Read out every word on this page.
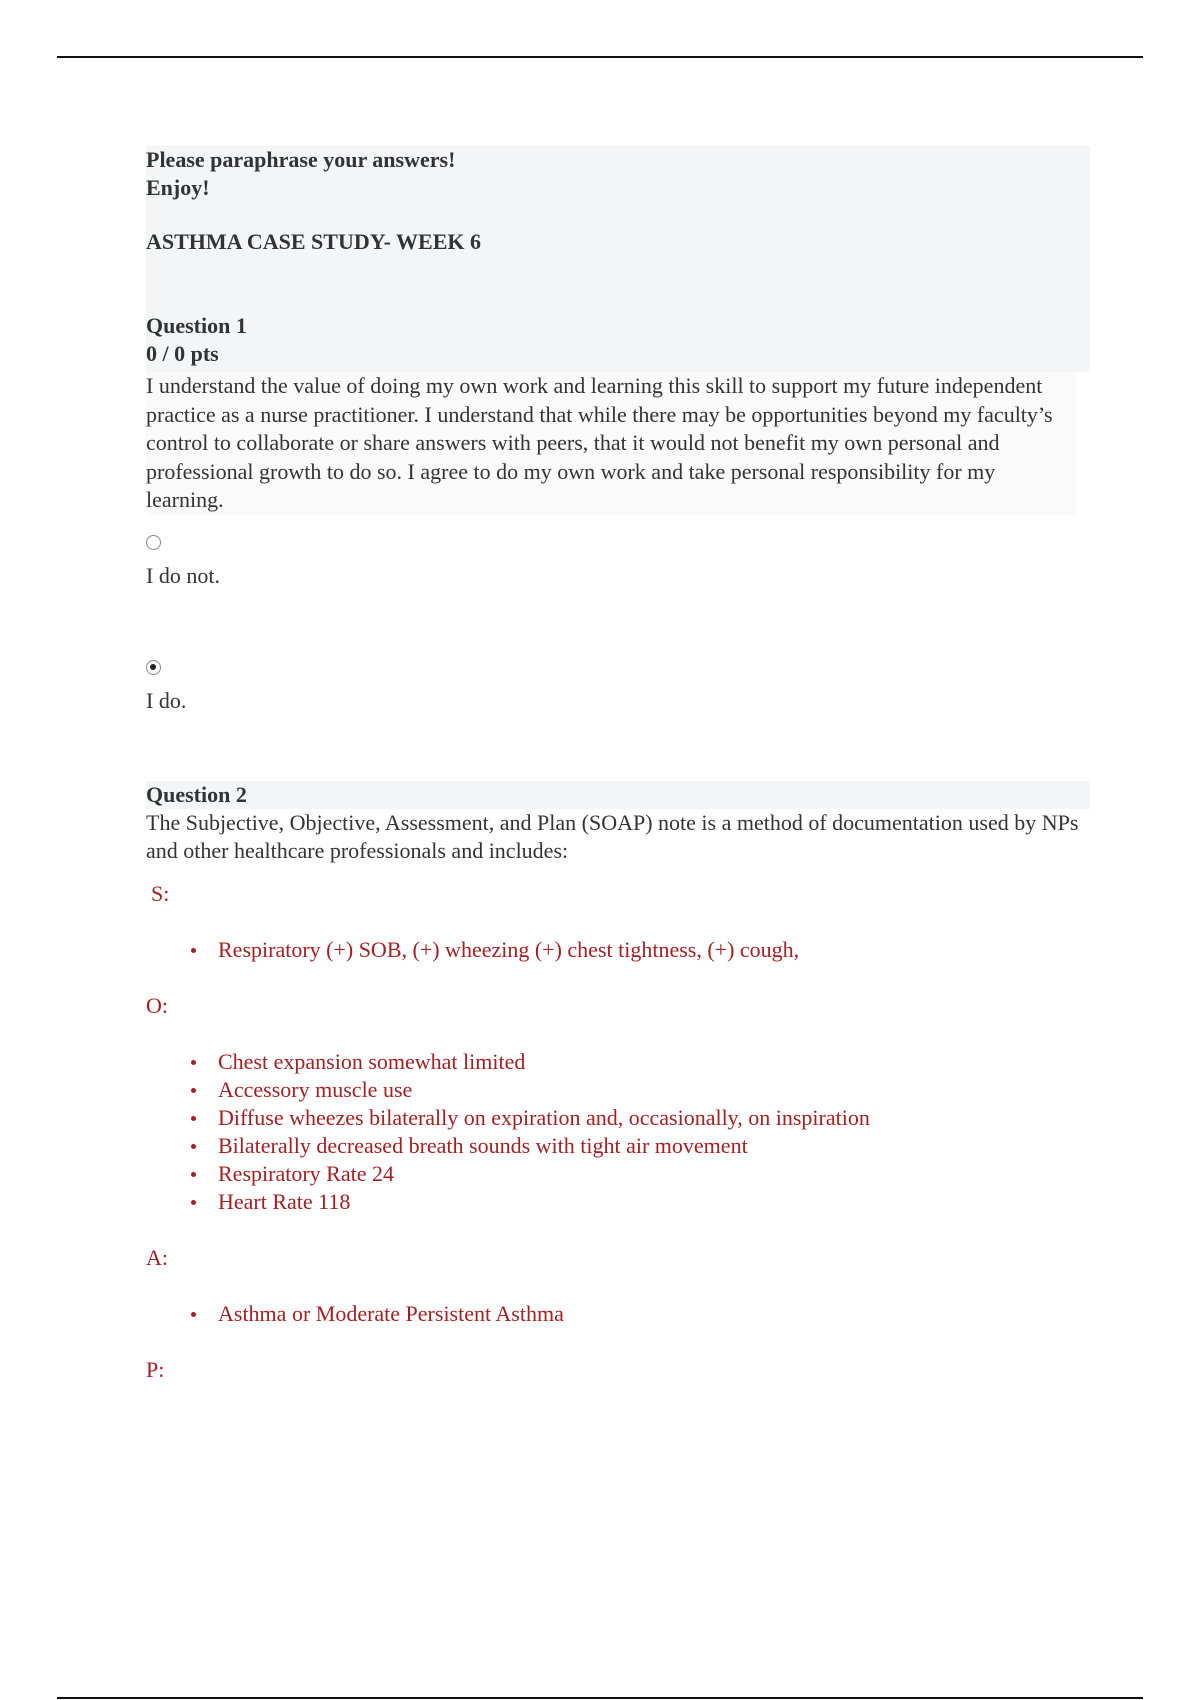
Please paraphrase your answers!
Enjoy!
ASTHMA CASE STUDY- WEEK 6
Question 1
0 / 0 pts
I understand the value of doing my own work and learning this skill to support my future independent practice as a nurse practitioner. I understand that while there may be opportunities beyond my faculty’s control to collaborate or share answers with peers, that it would not benefit my own personal and professional growth to do so. I agree to do my own work and take personal responsibility for my learning.
I do not.
I do.
Question 2
The Subjective, Objective, Assessment, and Plan (SOAP) note is a method of documentation used by NPs and other healthcare professionals and includes:
S:
Respiratory (+) SOB, (+) wheezing (+) chest tightness, (+) cough,
O:
Chest expansion somewhat limited
Accessory muscle use
Diffuse wheezes bilaterally on expiration and, occasionally, on inspiration
Bilaterally decreased breath sounds with tight air movement
Respiratory Rate 24
Heart Rate 118
A:
Asthma or Moderate Persistent Asthma
P:
